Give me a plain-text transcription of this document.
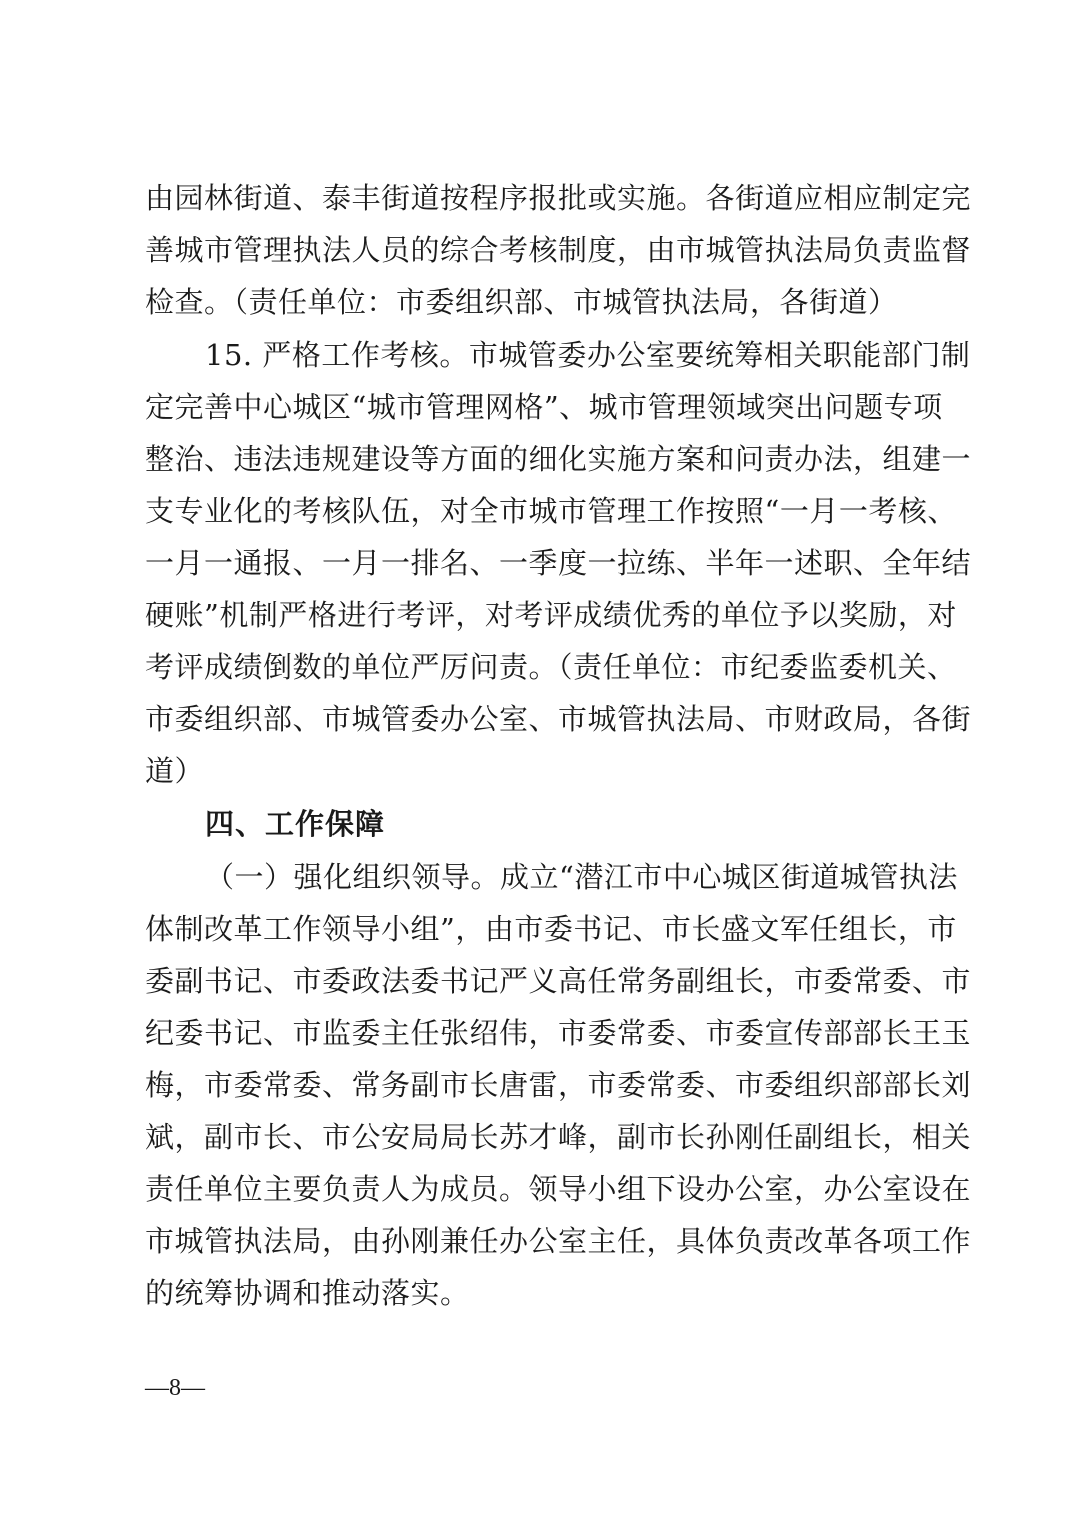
由园林街道、泰丰街道按程序报批或实施。各街道应相应制定完
善城市管理执法人员的综合考核制度，由市城管执法局负责监督
检查。（责任单位：市委组织部、市城管执法局，各街道）
15. 严格工作考核。市城管委办公室要统筹相关职能部门制
定完善中心城区“城市管理网格”、城市管理领域突出问题专项
整治、违法违规建设等方面的细化实施方案和问责办法，组建一
支专业化的考核队伍，对全市城市管理工作按照“一月一考核、
一月一通报、一月一排名、一季度一拉练、半年一述职、全年结
硬账”机制严格进行考评，对考评成绩优秀的单位予以奖励，对
考评成绩倒数的单位严厉问责。（责任单位：市纪委监委机关、
市委组织部、市城管委办公室、市城管执法局、市财政局，各街
道）
四、工作保障
（一）强化组织领导。成立“潜江市中心城区街道城管执法
体制改革工作领导小组”，由市委书记、市长盛文军任组长，市
委副书记、市委政法委书记严义高任常务副组长，市委常委、市
纪委书记、市监委主任张绍伟，市委常委、市委宣传部部长王玉
梅，市委常委、常务副市长唐雷，市委常委、市委组织部部长刘
斌，副市长、市公安局局长苏才峰，副市长孙刚任副组长，相关
责任单位主要负责人为成员。领导小组下设办公室，办公室设在
市城管执法局，由孙刚兼任办公室主任，具体负责改革各项工作
的统筹协调和推动落实。
—8—
